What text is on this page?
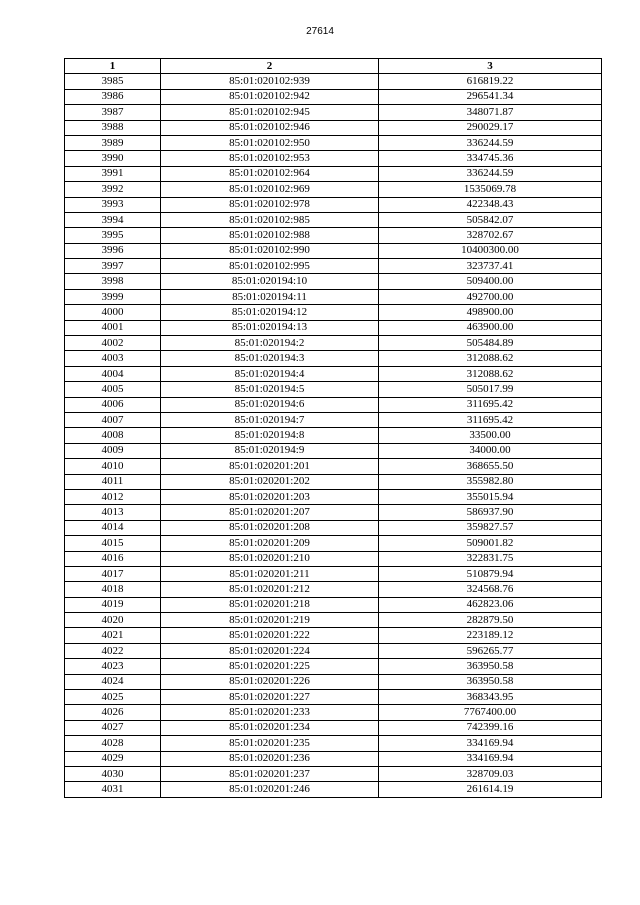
27614
1	2	3
3985	85:01:020102:939	616819.22
3986	85:01:020102:942	296541.34
3987	85:01:020102:945	348071.87
3988	85:01:020102:946	290029.17
3989	85:01:020102:950	336244.59
3990	85:01:020102:953	334745.36
3991	85:01:020102:964	336244.59
3992	85:01:020102:969	1535069.78
3993	85:01:020102:978	422348.43
3994	85:01:020102:985	505842.07
3995	85:01:020102:988	328702.67
3996	85:01:020102:990	10400300.00
3997	85:01:020102:995	323737.41
3998	85:01:020194:10	509400.00
3999	85:01:020194:11	492700.00
4000	85:01:020194:12	498900.00
4001	85:01:020194:13	463900.00
4002	85:01:020194:2	505484.89
4003	85:01:020194:3	312088.62
4004	85:01:020194:4	312088.62
4005	85:01:020194:5	505017.99
4006	85:01:020194:6	311695.42
4007	85:01:020194:7	311695.42
4008	85:01:020194:8	33500.00
4009	85:01:020194:9	34000.00
4010	85:01:020201:201	368655.50
4011	85:01:020201:202	355982.80
4012	85:01:020201:203	355015.94
4013	85:01:020201:207	586937.90
4014	85:01:020201:208	359827.57
4015	85:01:020201:209	509001.82
4016	85:01:020201:210	322831.75
4017	85:01:020201:211	510879.94
4018	85:01:020201:212	324568.76
4019	85:01:020201:218	462823.06
4020	85:01:020201:219	282879.50
4021	85:01:020201:222	223189.12
4022	85:01:020201:224	596265.77
4023	85:01:020201:225	363950.58
4024	85:01:020201:226	363950.58
4025	85:01:020201:227	368343.95
4026	85:01:020201:233	7767400.00
4027	85:01:020201:234	742399.16
4028	85:01:020201:235	334169.94
4029	85:01:020201:236	334169.94
4030	85:01:020201:237	328709.03
4031	85:01:020201:246	261614.19
